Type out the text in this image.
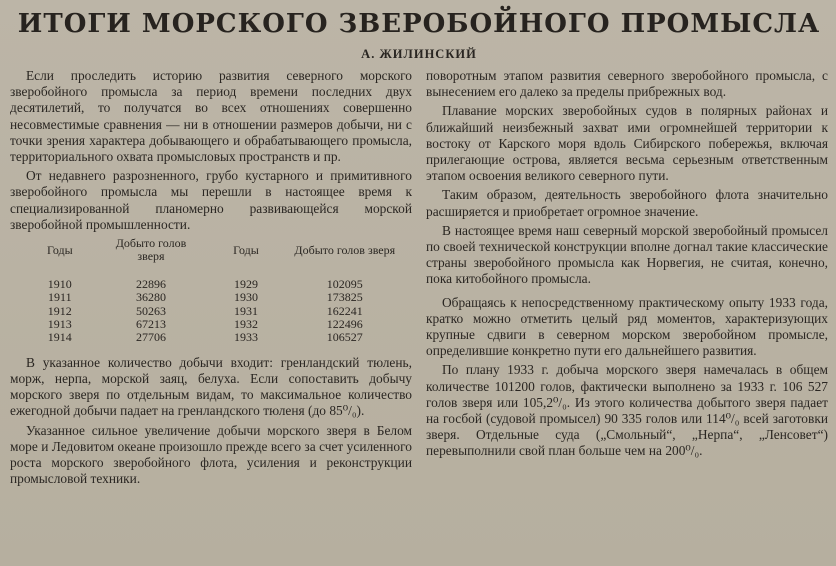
ИТОГИ МОРСКОГО ЗВЕРОБОЙНОГО ПРОМЫСЛА
А. ЖИЛИНСКИЙ

Если проследить историю развития северного морского зверобойного промысла за период времени последних двух десятилетий, то получатся во всех отношениях совершенно несовместимые сравнения — ни в отношении размеров добычи, ни с точки зрения характера добывающего и обрабатывающего промысла, территориального охвата промысловых пространств и пр.

От недавнего разрозненного, грубо кустарного и примитивного зверобойного промысла мы перешли в настоящее время к специализированной планомерно развивающейся морской зверобойной промышленности.

Годы	Добыто голов зверя	Годы	Добыто голов зверя
1910	22896	1929	102095
1911	36280	1930	173825
1912	50263	1931	162241
1913	67213	1932	122496
1914	27706	1933	106527

В указанное количество добычи входит: гренландский тюлень, морж, нерпа, морской заяц, белуха. Если сопоставить добычу морского зверя по отдельным видам, то максимальное количество ежегодной добычи падает на гренландского тюленя (до 85⁰/₀).

Указанное сильное увеличение добычи морского зверя в Белом море и Ледовитом океане произошло прежде всего за счет усиленного роста морского зверобойного флота, усиления и реконструкции промысловой техники.

поворотным этапом развития северного зверобойного промысла, с вынесением его далеко за пределы прибрежных вод.

Плавание морских зверобойных судов в полярных районах и ближайший неизбежный захват ими огромнейшей территории к востоку от Карского моря вдоль Сибирского побережья, включая прилегающие острова, является весьма серьезным ответственным этапом освоения великого северного пути.

Таким образом, деятельность зверобойного флота значительно расширяется и приобретает огромное значение.

В настоящее время наш северный морской зверобойный промысел по своей технической конструкции вполне догнал такие классические страны зверобойного промысла как Норвегия, не считая, конечно, пока китобойного промысла.

Обращаясь к непосредственному практическому опыту 1933 года, кратко можно отметить целый ряд моментов, характеризующих крупные сдвиги в северном морском зверобойном промысле, определившие конкретно пути его дальнейшего развития.

По плану 1933 г. добыча морского зверя намечалась в общем количестве 101200 голов, фактически выполнено за 1933 г. 106 527 голов зверя или 105,2⁰/₀. Из этого количества добытого зверя падает на госбой (судовой промысел) 90 335 голов или 114⁰/₀ всей заготовки зверя. Отдельные суда („Смольный“, „Нерпа“, „Ленсовет“) перевыполнили свой план больше чем на 200⁰/₀.
